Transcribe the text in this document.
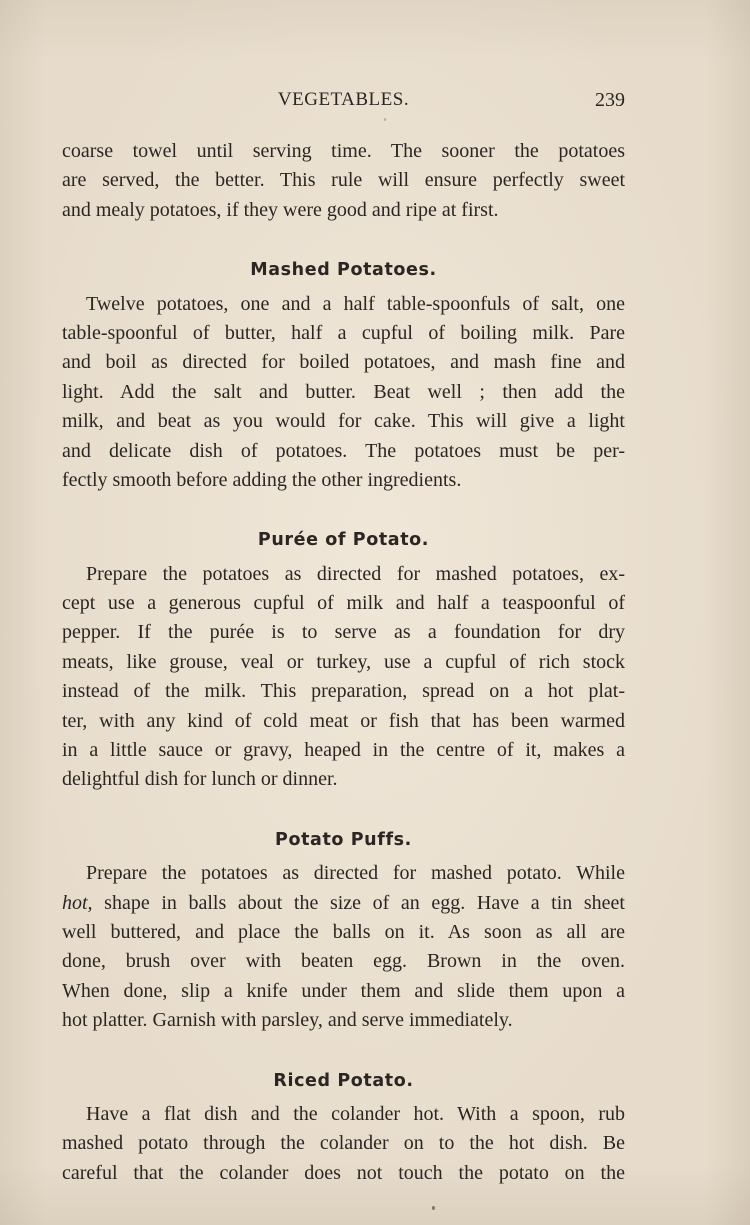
VEGETABLES.	239
coarse towel until serving time. The sooner the potatoes
are served, the better. This rule will ensure perfectly sweet
and mealy potatoes, if they were good and ripe at first.
Mashed Potatoes.
Twelve potatoes, one and a half table-spoonfuls of salt, one
table-spoonful of butter, half a cupful of boiling milk. Pare
and boil as directed for boiled potatoes, and mash fine and
light. Add the salt and butter. Beat well ; then add the
milk, and beat as you would for cake. This will give a light
and delicate dish of potatoes. The potatoes must be per-
fectly smooth before adding the other ingredients.
Purée of Potato.
Prepare the potatoes as directed for mashed potatoes, ex-
cept use a generous cupful of milk and half a teaspoonful of
pepper. If the purée is to serve as a foundation for dry
meats, like grouse, veal or turkey, use a cupful of rich stock
instead of the milk. This preparation, spread on a hot plat-
ter, with any kind of cold meat or fish that has been warmed
in a little sauce or gravy, heaped in the centre of it, makes a
delightful dish for lunch or dinner.
Potato Puffs.
Prepare the potatoes as directed for mashed potato. While
hot, shape in balls about the size of an egg. Have a tin sheet
well buttered, and place the balls on it. As soon as all are
done, brush over with beaten egg. Brown in the oven.
When done, slip a knife under them and slide them upon a
hot platter. Garnish with parsley, and serve immediately.
Riced Potato.
Have a flat dish and the colander hot. With a spoon, rub
mashed potato through the colander on to the hot dish. Be
careful that the colander does not touch the potato on the
